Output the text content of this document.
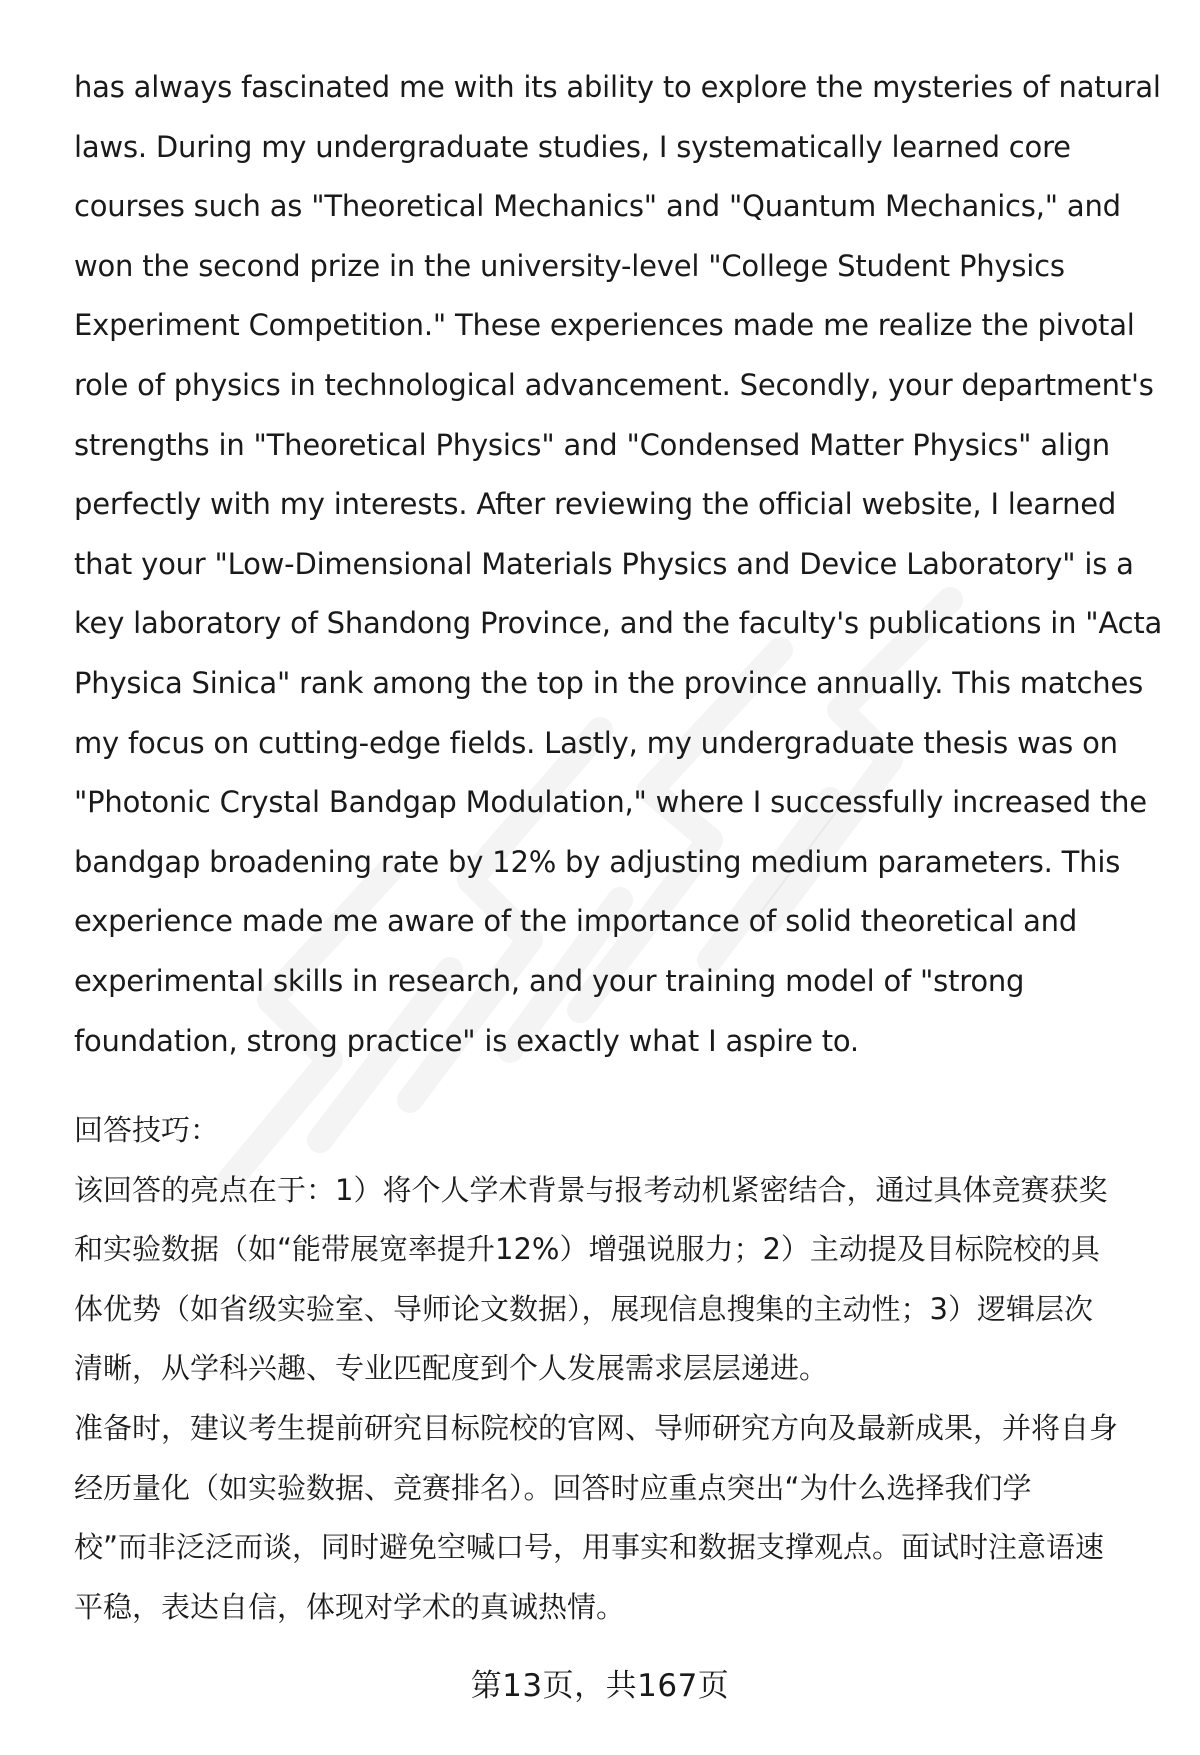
has always fascinated me with its ability to explore the mysteries of natural
laws. During my undergraduate studies, I systematically learned core
courses such as "Theoretical Mechanics" and "Quantum Mechanics," and
won the second prize in the university-level "College Student Physics
Experiment Competition." These experiences made me realize the pivotal
role of physics in technological advancement. Secondly, your department's
strengths in "Theoretical Physics" and "Condensed Matter Physics" align
perfectly with my interests. After reviewing the official website, I learned
that your "Low-Dimensional Materials Physics and Device Laboratory" is a
key laboratory of Shandong Province, and the faculty's publications in "Acta
Physica Sinica" rank among the top in the province annually. This matches
my focus on cutting-edge fields. Lastly, my undergraduate thesis was on
"Photonic Crystal Bandgap Modulation," where I successfully increased the
bandgap broadening rate by 12% by adjusting medium parameters. This
experience made me aware of the importance of solid theoretical and
experimental skills in research, and your training model of "strong
foundation, strong practice" is exactly what I aspire to.
回答技巧：
该回答的亮点在于：1）将个人学术背景与报考动机紧密结合，通过具体竞赛获奖
和实验数据（如“能带展宽率提升12%）增强说服力；2）主动提及目标院校的具
体优势（如省级实验室、导师论文数据），展现信息搜集的主动性；3）逻辑层次
清晰，从学科兴趣、专业匹配度到个人发展需求层层递进。
准备时，建议考生提前研究目标院校的官网、导师研究方向及最新成果，并将自身
经历量化（如实验数据、竞赛排名）。回答时应重点突出“为什么选择我们学
校”而非泛泛而谈，同时避免空喊口号，用事实和数据支撑观点。面试时注意语速
平稳，表达自信，体现对学术的真诚热情。
第13页，共167页
